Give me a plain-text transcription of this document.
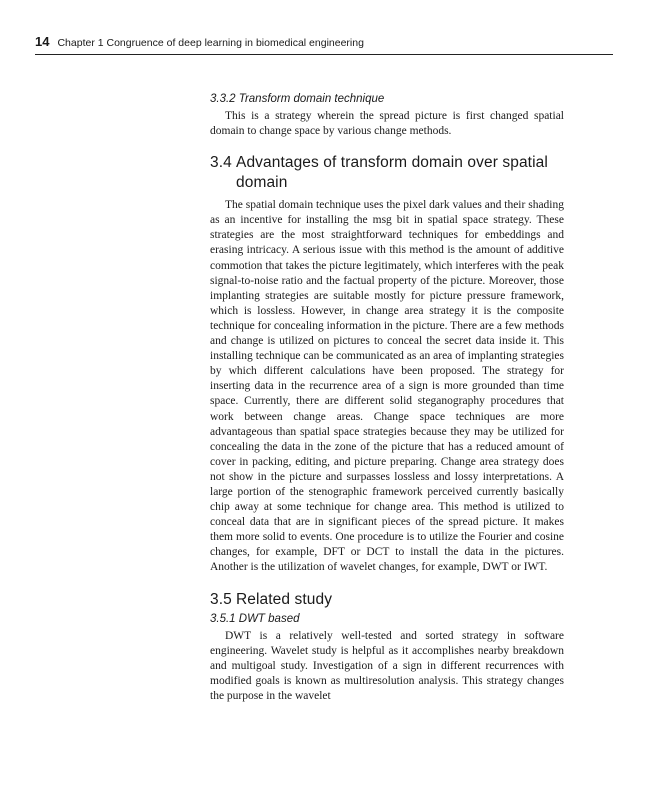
14 Chapter 1 Congruence of deep learning in biomedical engineering
3.3.2 Transform domain technique

This is a strategy wherein the spread picture is first changed spatial domain to change space by various change methods.

3.4 Advantages of transform domain over spatial domain

The spatial domain technique uses the pixel dark values and their shading as an incentive for installing the msg bit in spatial space strategy. These strategies are the most straightforward techniques for embeddings and erasing intricacy. A serious issue with this method is the amount of additive commotion that takes the picture legitimately, which interferes with the peak signal-to-noise ratio and the factual property of the picture. Moreover, those implanting strategies are suitable mostly for picture pressure framework, which is lossless. However, in change area strategy it is the composite technique for concealing information in the picture. There are a few methods and change is utilized on pictures to conceal the secret data inside it. This installing technique can be communicated as an area of implanting strategies by which different calculations have been proposed. The strategy for inserting data in the recurrence area of a sign is more grounded than time space. Currently, there are different solid steganography procedures that work between change areas. Change space techniques are more advantageous than spatial space strategies because they may be utilized for concealing the data in the zone of the picture that has a reduced amount of cover in packing, editing, and picture preparing. Change area strategy does not show in the picture and surpasses lossless and lossy interpretations. A large portion of the stenographic framework perceived currently basically chip away at some technique for change area. This method is utilized to conceal data that are in significant pieces of the spread picture. It makes them more solid to events. One procedure is to utilize the Fourier and cosine changes, for example, DFT or DCT to install the data in the pictures. Another is the utilization of wavelet changes, for example, DWT or IWT.

3.5 Related study
3.5.1 DWT based

DWT is a relatively well-tested and sorted strategy in software engineering. Wavelet study is helpful as it accomplishes nearby breakdown and multigoal study. Investigation of a sign in different recurrences with modified goals is known as multiresolution analysis. This strategy changes the purpose in the wavelet
